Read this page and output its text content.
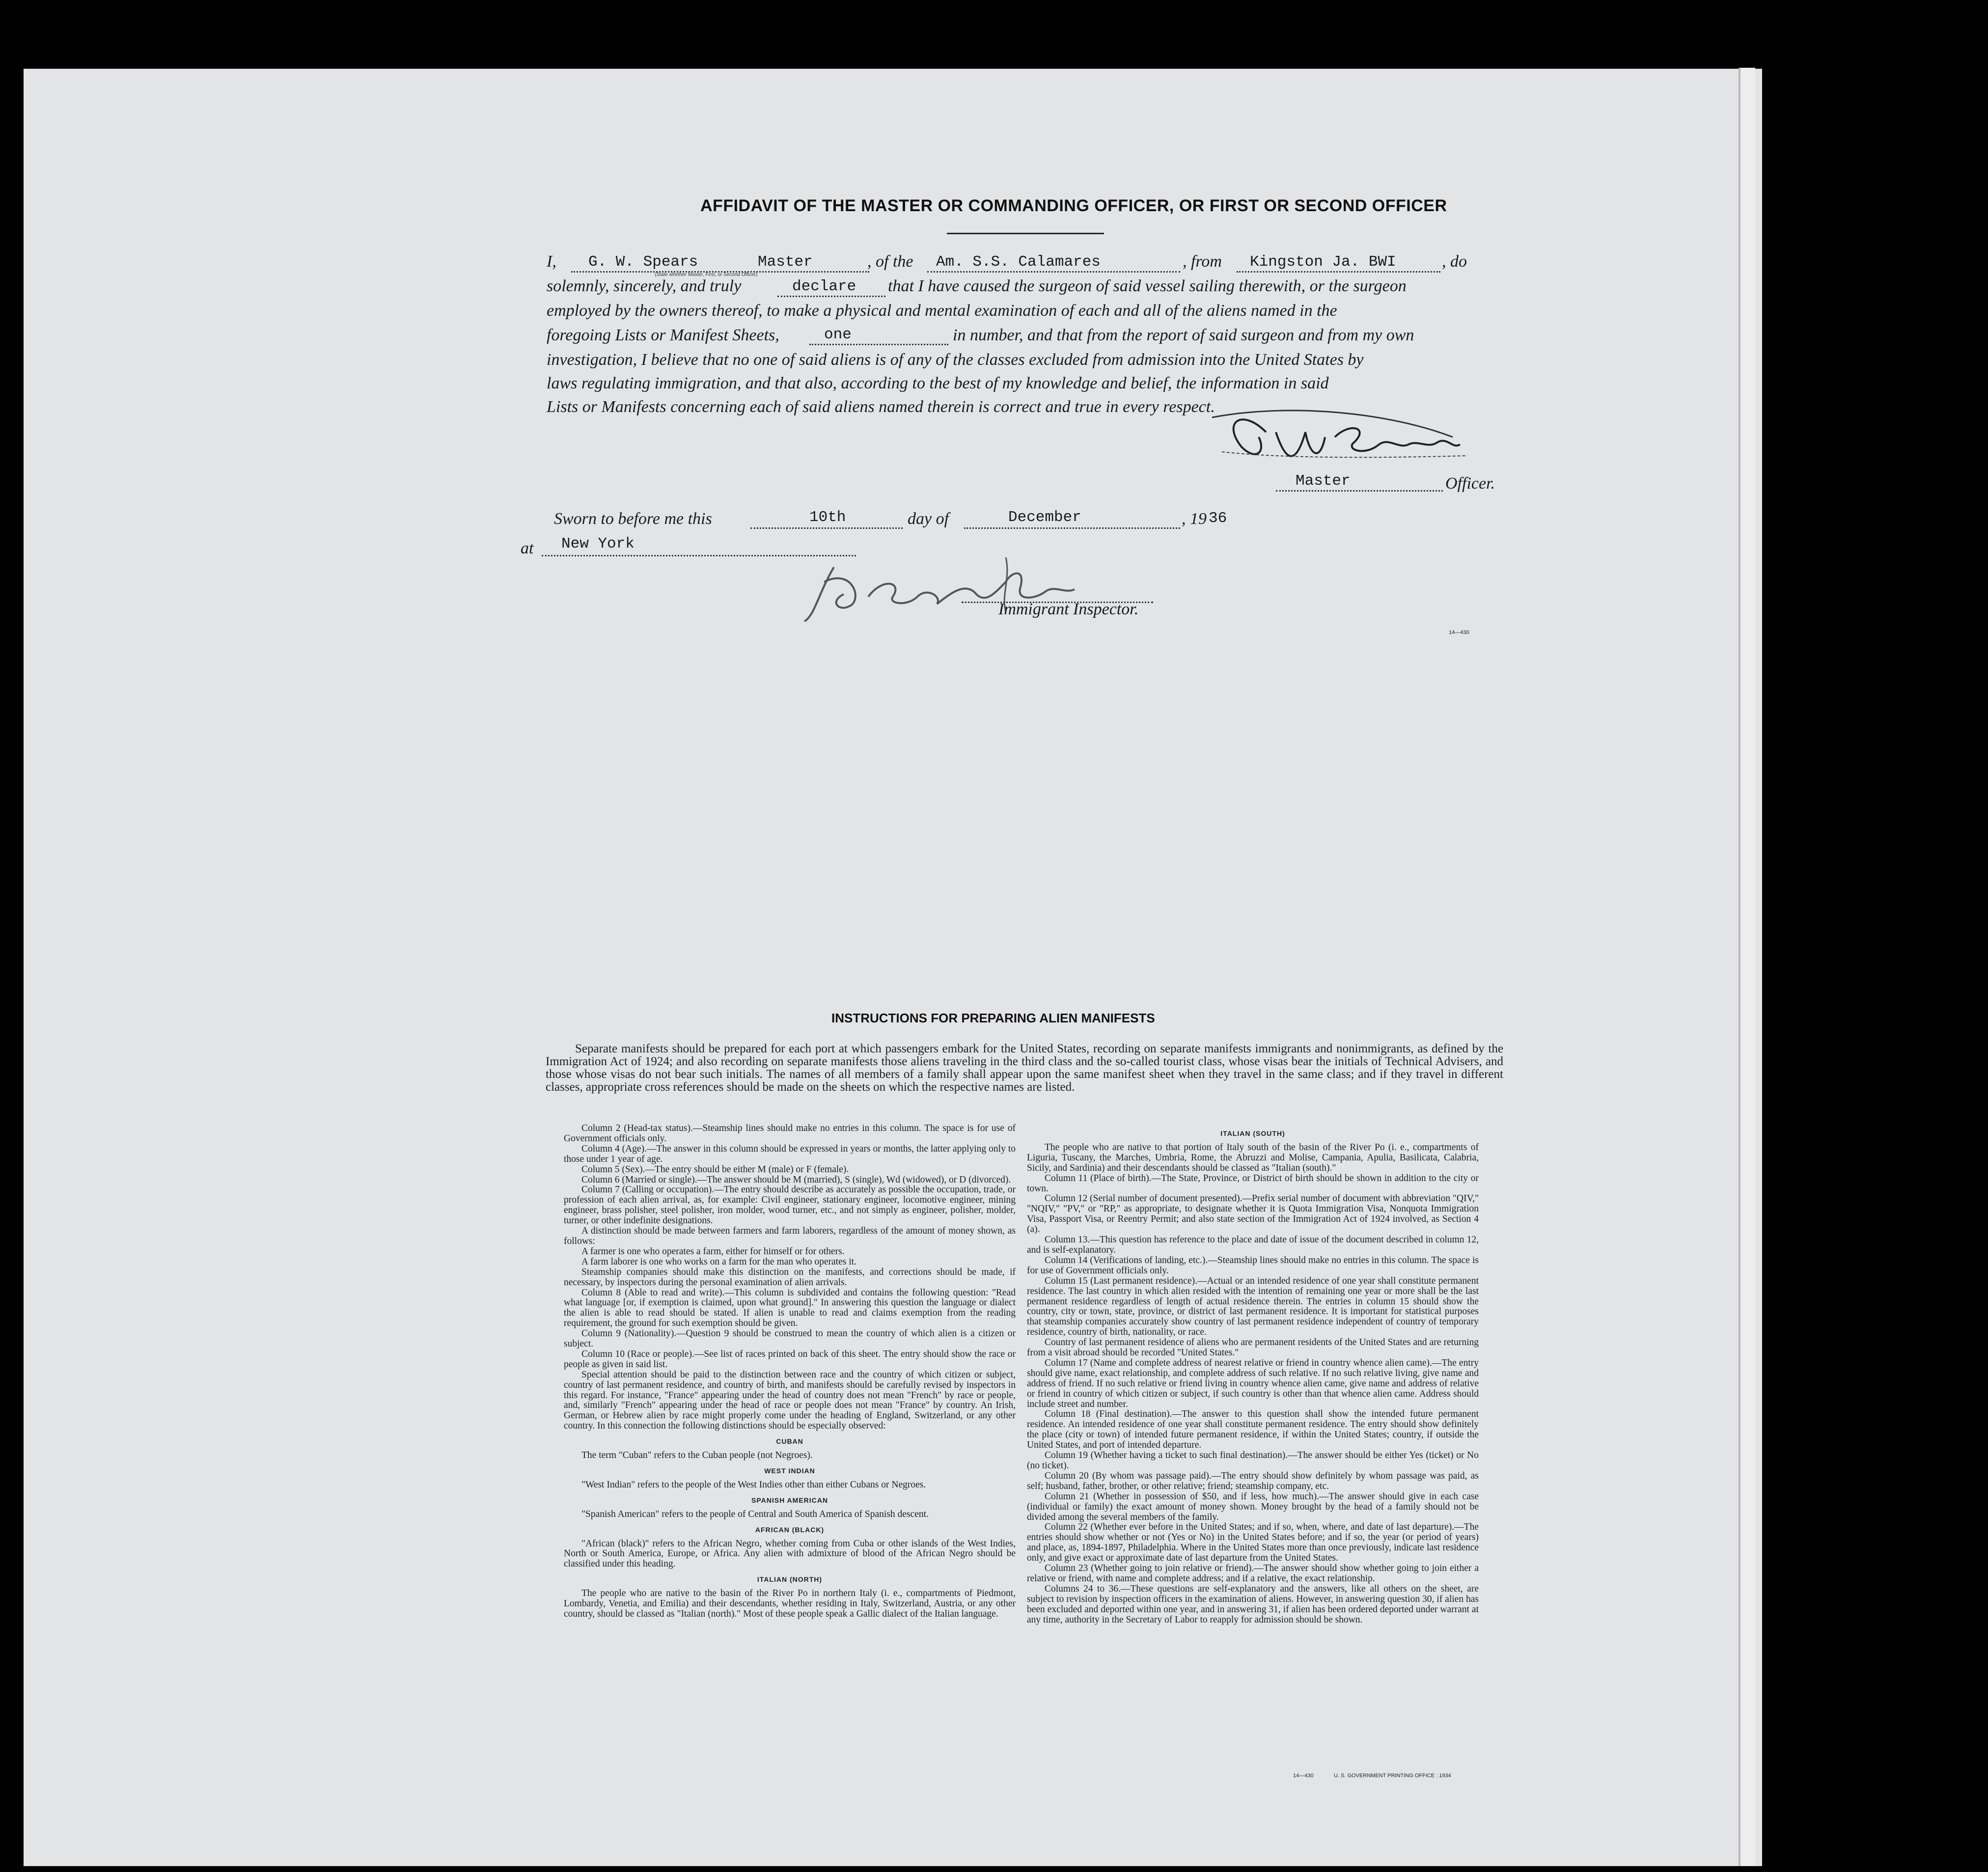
AFFIDAVIT OF THE MASTER OR COMMANDING OFFICER, OR FIRST OR SECOND OFFICER
I, G. W. Spears	Master
(State whether Master, First, or Second Officer)
, of the Am. S.S. Calamares	, from Kingston Ja. BWI	, do
solemnly, sincerely, and truly	declare that I have caused the surgeon of said vessel sailing therewith, or the surgeon
employed by the owners thereof, to make a physical and mental examination of each and all of the aliens named in the
foregoing Lists or Manifest Sheets,	one	in number, and that from the report of said surgeon and from my own
investigation, I believe that no one of said aliens is of any of the classes excluded from admission into the United States by
laws regulating immigration, and that also, according to the best of my knowledge and belief, the information in said
Lists or Manifests concerning each of said aliens named therein is correct and true in every respect.
Master	Officer.
Sworn to before me this	10th	day of	December	, 19 36
at New York
Immigrant Inspector.
14—430
INSTRUCTIONS FOR PREPARING ALIEN MANIFESTS

Separate manifests should be prepared for each port at which passengers embark for the United States, recording on separate manifests immigrants and nonimmigrants, as defined by the Immigration Act of 1924; and also recording on separate manifests those aliens traveling in the third class and the so-called tourist class, whose visas bear the initials of Technical Advisers, and those whose visas do not bear such initials. The names of all members of a family shall appear upon the same manifest sheet when they travel in the same class; and if they travel in different classes, appropriate cross references should be made on the sheets on which the respective names are listed.

Column 2 (Head-tax status).—Steamship lines should make no entries in this column. The space is for use of Government officials only.

Column 4 (Age).—The answer in this column should be expressed in years or months, the latter applying only to those under 1 year of age.

Column 5 (Sex).—The entry should be either M (male) or F (female).

Column 6 (Married or single).—The answer should be M (married), S (single), Wd (widowed), or D (divorced).

Column 7 (Calling or occupation).—The entry should describe as accurately as possible the occupation, trade, or profession of each alien arrival, as, for example: Civil engineer, stationary engineer, locomotive engineer, mining engineer, brass polisher, steel polisher, iron molder, wood turner, etc., and not simply as engineer, polisher, molder, turner, or other indefinite designations.

A distinction should be made between farmers and farm laborers, regardless of the amount of money shown, as follows:

A farmer is one who operates a farm, either for himself or for others.

A farm laborer is one who works on a farm for the man who operates it.

Steamship companies should make this distinction on the manifests, and corrections should be made, if necessary, by inspectors during the personal examination of alien arrivals.

Column 8 (Able to read and write).—This column is subdivided and contains the following question: "Read what language [or, if exemption is claimed, upon what ground]." In answering this question the language or dialect the alien is able to read should be stated. If alien is unable to read and claims exemption from the reading requirement, the ground for such exemption should be given.

Column 9 (Nationality).—Question 9 should be construed to mean the country of which alien is a citizen or subject.

Column 10 (Race or people).—See list of races printed on back of this sheet. The entry should show the race or people as given in said list.

Special attention should be paid to the distinction between race and the country of which citizen or subject, country of last permanent residence, and country of birth, and manifests should be carefully revised by inspectors in this regard. For instance, "France" appearing under the head of country does not mean "French" by race or people, and, similarly "French" appearing under the head of race or people does not mean "France" by country. An Irish, German, or Hebrew alien by race might properly come under the heading of England, Switzerland, or any other country. In this connection the following distinctions should be especially observed:

CUBAN

The term "Cuban" refers to the Cuban people (not Negroes).

WEST INDIAN

"West Indian" refers to the people of the West Indies other than either Cubans or Negroes.

SPANISH AMERICAN

"Spanish American" refers to the people of Central and South America of Spanish descent.

AFRICAN (BLACK)

"African (black)" refers to the African Negro, whether coming from Cuba or other islands of the West Indies, North or South America, Europe, or Africa. Any alien with admixture of blood of the African Negro should be classified under this heading.

ITALIAN (NORTH)

The people who are native to the basin of the River Po in northern Italy (i. e., compartments of Piedmont, Lombardy, Venetia, and Emilia) and their descendants, whether residing in Italy, Switzerland, Austria, or any other country, should be classed as "Italian (north)." Most of these people speak a Gallic dialect of the Italian language.

ITALIAN (SOUTH)

The people who are native to that portion of Italy south of the basin of the River Po (i. e., compartments of Liguria, Tuscany, the Marches, Umbria, Rome, the Abruzzi and Molise, Campania, Apulia, Basilicata, Calabria, Sicily, and Sardinia) and their descendants should be classed as "Italian (south)."

Column 11 (Place of birth).—The State, Province, or District of birth should be shown in addition to the city or town.

Column 12 (Serial number of document presented).—Prefix serial number of document with abbreviation "QIV," "NQIV," "PV," or "RP," as appropriate, to designate whether it is Quota Immigration Visa, Nonquota Immigration Visa, Passport Visa, or Reentry Permit; and also state section of the Immigration Act of 1924 involved, as Section 4 (a).

Column 13.—This question has reference to the place and date of issue of the document described in column 12, and is self-explanatory.

Column 14 (Verifications of landing, etc.).—Steamship lines should make no entries in this column. The space is for use of Government officials only.

Column 15 (Last permanent residence).—Actual or an intended residence of one year shall constitute permanent residence. The last country in which alien resided with the intention of remaining one year or more shall be the last permanent residence regardless of length of actual residence therein. The entries in column 15 should show the country, city or town, state, province, or district of last permanent residence. It is important for statistical purposes that steamship companies accurately show country of last permanent residence independent of country of temporary residence, country of birth, nationality, or race.

Country of last permanent residence of aliens who are permanent residents of the United States and are returning from a visit abroad should be recorded "United States."

Column 17 (Name and complete address of nearest relative or friend in country whence alien came).—The entry should give name, exact relationship, and complete address of such relative. If no such relative living, give name and address of friend. If no such relative or friend living in country whence alien came, give name and address of relative or friend in country of which citizen or subject, if such country is other than that whence alien came. Address should include street and number.

Column 18 (Final destination).—The answer to this question shall show the intended future permanent residence. An intended residence of one year shall constitute permanent residence. The entry should show definitely the place (city or town) of intended future permanent residence, if within the United States; country, if outside the United States, and port of intended departure.

Column 19 (Whether having a ticket to such final destination).—The answer should be either Yes (ticket) or No (no ticket).

Column 20 (By whom was passage paid).—The entry should show definitely by whom passage was paid, as self; husband, father, brother, or other relative; friend; steamship company, etc.

Column 21 (Whether in possession of $50, and if less, how much).—The answer should give in each case (individual or family) the exact amount of money shown. Money brought by the head of a family should not be divided among the several members of the family.

Column 22 (Whether ever before in the United States; and if so, when, where, and date of last departure).—The entries should show whether or not (Yes or No) in the United States before; and if so, the year (or period of years) and place, as, 1894-1897, Philadelphia. Where in the United States more than once previously, indicate last residence only, and give exact or approximate date of last departure from the United States.

Column 23 (Whether going to join relative or friend).—The answer should show whether going to join either a relative or friend, with name and complete address; and if a relative, the exact relationship.

Columns 24 to 36.—These questions are self-explanatory and the answers, like all others on the sheet, are subject to revision by inspection officers in the examination of aliens. However, in answering question 30, if alien has been excluded and deported within one year, and in answering 31, if alien has been ordered deported under warrant at any time, authority in the Secretary of Labor to reapply for admission should be shown.

14—430	U. S. GOVERNMENT PRINTING OFFICE : 1934
